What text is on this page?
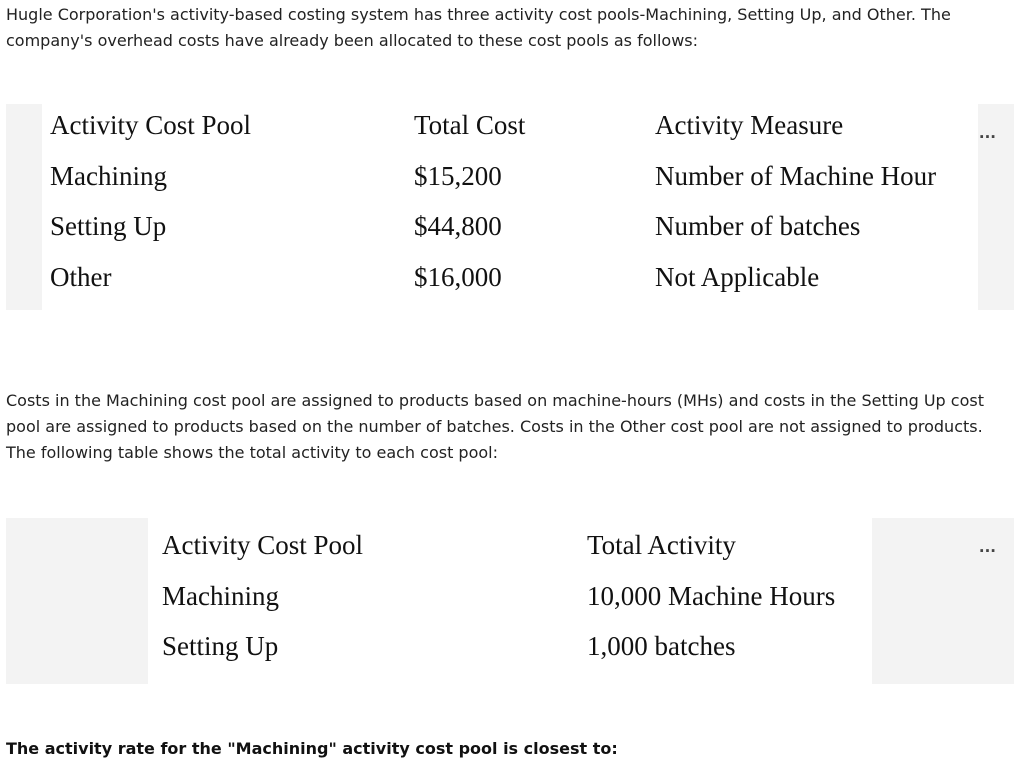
Hugle Corporation's activity-based costing system has three activity cost pools-Machining, Setting Up, and Other. The company's overhead costs have already been allocated to these cost pools as follows:

Activity Cost Pool	Total Cost	Activity Measure
Machining	$15,200	Number of Machine Hour
Setting Up	$44,800	Number of batches
Other	$16,000	Not Applicable
...

Costs in the Machining cost pool are assigned to products based on machine-hours (MHs) and costs in the Setting Up cost pool are assigned to products based on the number of batches. Costs in the Other cost pool are not assigned to products. The following table shows the total activity to each cost pool:

Activity Cost Pool	Total Activity
Machining	10,000 Machine Hours
Setting Up	1,000 batches
...

The activity rate for the "Machining" activity cost pool is closest to:
